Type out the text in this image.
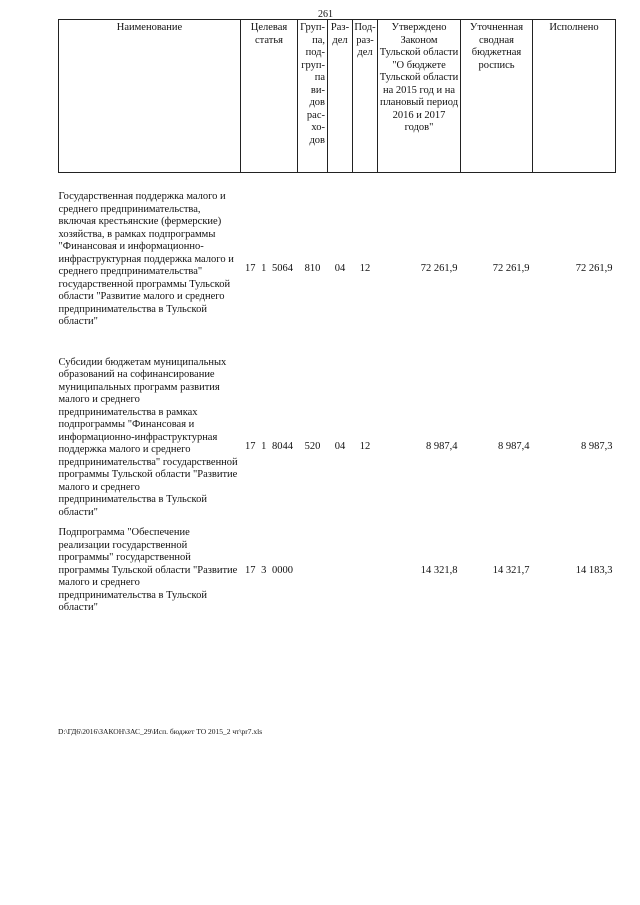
261
Наименование	Целевая статья	Груп-па, под-груп-па ви-дов рас-хо-дов	Раз-дел	Под-раз-дел	Утверждено Законом Тульской области "О бюджете Тульской области на 2015 год и на плановый период 2016 и 2017 годов"	Уточненная сводная бюджетная роспись	Исполнено
Государственная поддержка малого и среднего предпринимательства, включая крестьянские (фермерские) хозяйства, в рамках подпрограммы "Финансовая и информационно-инфраструктурная поддержка малого и среднего предпринимательства" государственной программы Тульской области "Развитие малого и среднего предпринимательства в Тульской области"	17 1 5064	810	04	12	72 261,9	72 261,9	72 261,9
Субсидии бюджетам муниципальных образований на софинансирование муниципальных программ развития малого и среднего предпринимательства в рамках подпрограммы "Финансовая и информационно-инфраструктурная поддержка малого и среднего предпринимательства" государственной программы Тульской области "Развитие малого и среднего предпринимательства в Тульской области"	17 1 8044	520	04	12	8 987,4	8 987,4	8 987,3
Подпрограмма "Обеспечение реализации государственной программы" государственной программы Тульской области "Развитие малого и среднего предпринимательства в Тульской области"	17 3 0000				14 321,8	14 321,7	14 183,3
D:\ГД6\2016\ЗАКОН\ЗАС_29\Исп. бюджет ТО 2015_2 чт\pr7.xls
